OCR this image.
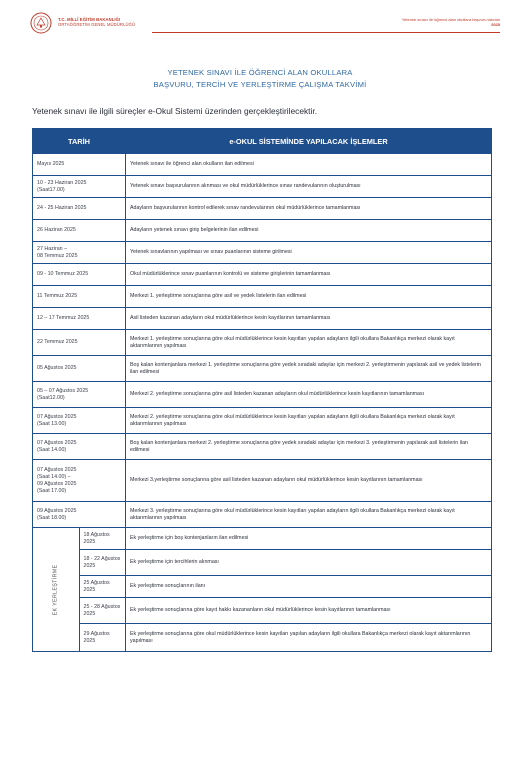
T.C. MİLLÎ EĞİTİM BAKANLIĞI
ORTAÖĞRETİM GENEL MÜDÜRLÜĞÜ
Yetenek sınavı ile öğrenci alan okullara başvuru takvimi
2025
YETENEK SINAVI İLE ÖĞRENCİ ALAN OKULLARA
BAŞVURU, TERCİH VE YERLEŞTİRME ÇALIŞMA TAKVİMİ
Yetenek sınavı ile ilgili süreçler e-Okul Sistemi üzerinden gerçekleştirilecektir.
TARİH		e-OKUL SİSTEMİNDE YAPILACAK İŞLEMLER
Mayıs 2025		Yetenek sınavı ile öğrenci alan okulların ilan edilmesi
10 - 23 Haziran 2025
(Saat17.00)		Yetenek sınavı başvurularının alınması ve okul müdürlüklerince sınav randevularının oluşturulması
24 - 25 Haziran 2025		Adayların başvurularının kontrol edilerek sınav randevularının okul müdürlüklerince tamamlanması
26 Haziran 2025		Adayların yetenek sınavı giriş belgelerinin ilan edilmesi
27 Haziran –
08 Temmuz 2025		Yetenek sınavlarının yapılması ve sınav puanlarının sisteme girilmesi
09 - 10 Temmuz 2025		Okul müdürlüklerince sınav puanlarının kontrolü ve sisteme girişlerinin tamamlanması
11 Temmuz 2025		Merkezi 1. yerleştirme sonuçlarına göre asil ve yedek listelerin ilan edilmesi
12 – 17 Temmuz 2025		Asil listeden kazanan adayların okul müdürlüklerince kesin kayıtlarının tamamlanması
22 Temmuz 2025		Merkezi 1. yerleştirme sonuçlarına göre okul müdürlüklerince kesin kayıtları yapılan adayların ilgili okullara Bakanlıkça merkezi olarak kayıt aktarımlarının yapılması
05 Ağustos 2025		Boş kalan kontenjanlara merkezi 1. yerleştirme sonuçlarına göre yedek sıradaki adaylar için merkezi 2. yerleştirmenin yapılarak asil ve yedek listelerin ilan edilmesi
05 – 07 Ağustos 2025
(Saat12.00)		Merkezi 2. yerleştirme sonuçlarına göre asil listeden kazanan adayların okul müdürlüklerince kesin kayıtlarının tamamlanması
07 Ağustos 2025
(Saat 13.00)		Merkezi 2. yerleştirme sonuçlarına göre okul müdürlüklerince kesin kayıtları yapılan adayların ilgili okullara Bakanlıkça merkezi olarak kayıt aktarımlarının yapılması
07 Ağustos 2025
(Saat 14.00)		Boş kalan kontenjanlara merkezi 2. yerleştirme sonuçlarına göre yedek sıradaki adaylar için merkezi 3. yerleştirmenin yapılarak asil listelerin ilan edilmesi
07 Ağustos 2025
(Saat 14.00) –
09 Ağustos 2025
(Saat 17.00)		Merkezi 3.yerleştirme sonuçlarına göre asil listeden kazanan adayların okul müdürlüklerince kesin kayıtlarının tamamlanması
09 Ağustos 2025
(Saat 18.00)		Merkezi 3. yerleştirme sonuçlarına göre okul müdürlüklerince kesin kayıtları yapılan adayların ilgili okullara Bakanlıkça merkezi olarak kayıt aktarımlarının yapılması

EK YERLEŞTİRME	18 Ağustos 2025	Ek yerleştirme için boş kontenjanların ilan edilmesi
	18 - 22 Ağustos
2025	Ek yerleştirme için tercihlerin alınması
	25 Ağustos 2025	Ek yerleştirme sonuçlarının ilanı
	25 - 28 Ağustos
2025	Ek yerleştirme sonuçlarına göre kayıt hakkı kazananların okul müdürlüklerince kesin kayıtlarının tamamlanması
	29 Ağustos 2025	Ek yerleştirme sonuçlarına göre okul müdürlüklerince kesin kayıtları yapılan adayların ilgili okullara Bakanlıkça merkezi olarak kayıt aktarımlarının yapılması
